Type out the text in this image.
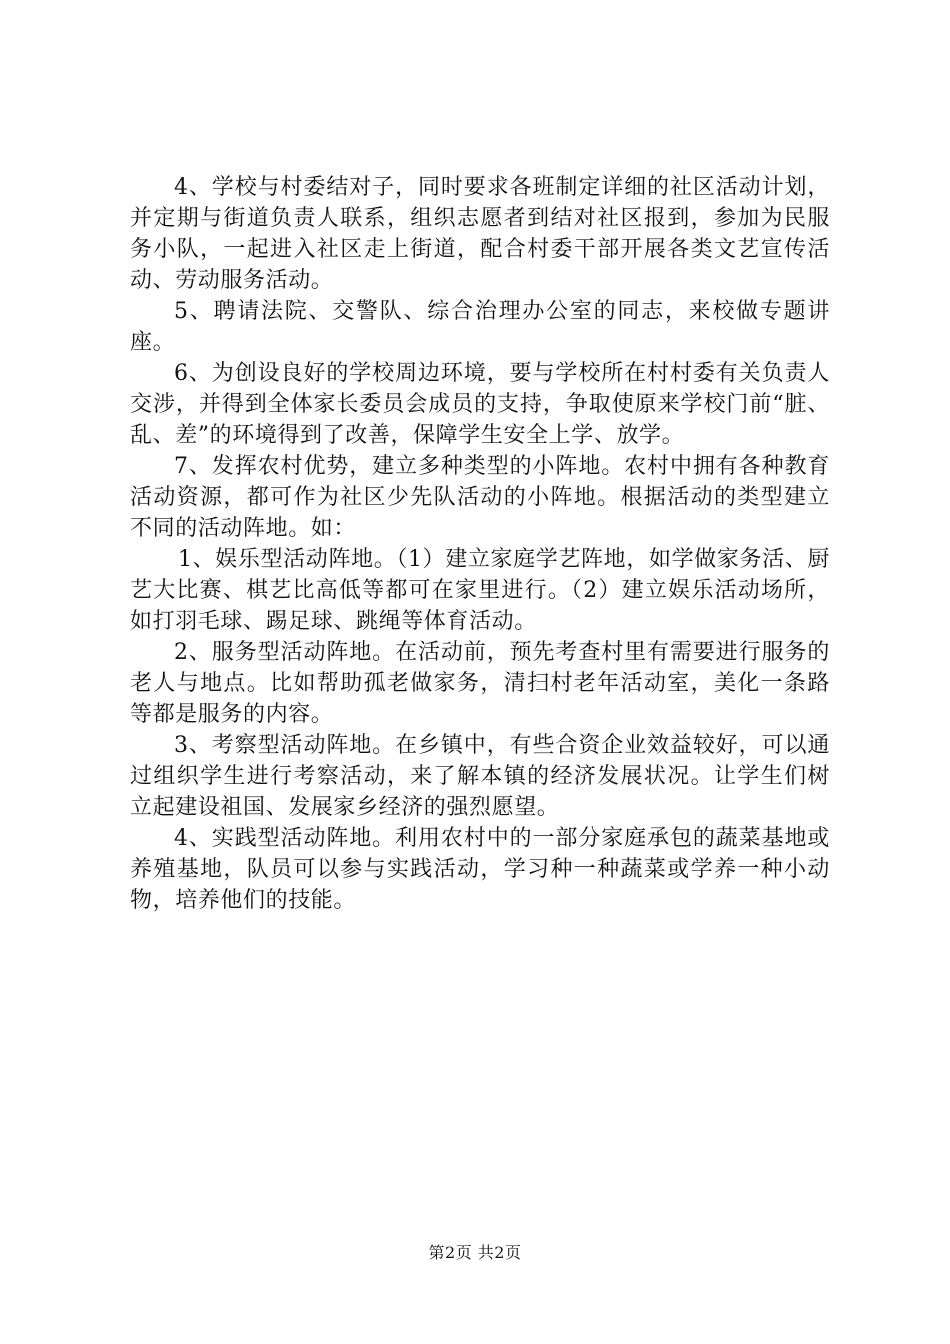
4、学校与村委结对子，同时要求各班制定详细的社区活动计划，并定期与街道负责人联系，组织志愿者到结对社区报到，参加为民服务小队，一起进入社区走上街道，配合村委干部开展各类文艺宣传活动、劳动服务活动。

5、聘请法院、交警队、综合治理办公室的同志，来校做专题讲座。

6、为创设良好的学校周边环境，要与学校所在村村委有关负责人交涉，并得到全体家长委员会成员的支持，争取使原来学校门前“脏、乱、差”的环境得到了改善，保障学生安全上学、放学。

7、发挥农村优势，建立多种类型的小阵地。农村中拥有各种教育活动资源，都可作为社区少先队活动的小阵地。根据活动的类型建立不同的活动阵地。如：

1、娱乐型活动阵地。（1）建立家庭学艺阵地，如学做家务活、厨艺大比赛、棋艺比高低等都可在家里进行。（2）建立娱乐活动场所，如打羽毛球、踢足球、跳绳等体育活动。

2、服务型活动阵地。在活动前，预先考查村里有需要进行服务的老人与地点。比如帮助孤老做家务，清扫村老年活动室，美化一条路等都是服务的内容。

3、考察型活动阵地。在乡镇中，有些合资企业效益较好，可以通过组织学生进行考察活动，来了解本镇的经济发展状况。让学生们树立起建设祖国、发展家乡经济的强烈愿望。

4、实践型活动阵地。利用农村中的一部分家庭承包的蔬菜基地或养殖基地，队员可以参与实践活动，学习种一种蔬菜或学养一种小动物，培养他们的技能。

第2页 共2页
